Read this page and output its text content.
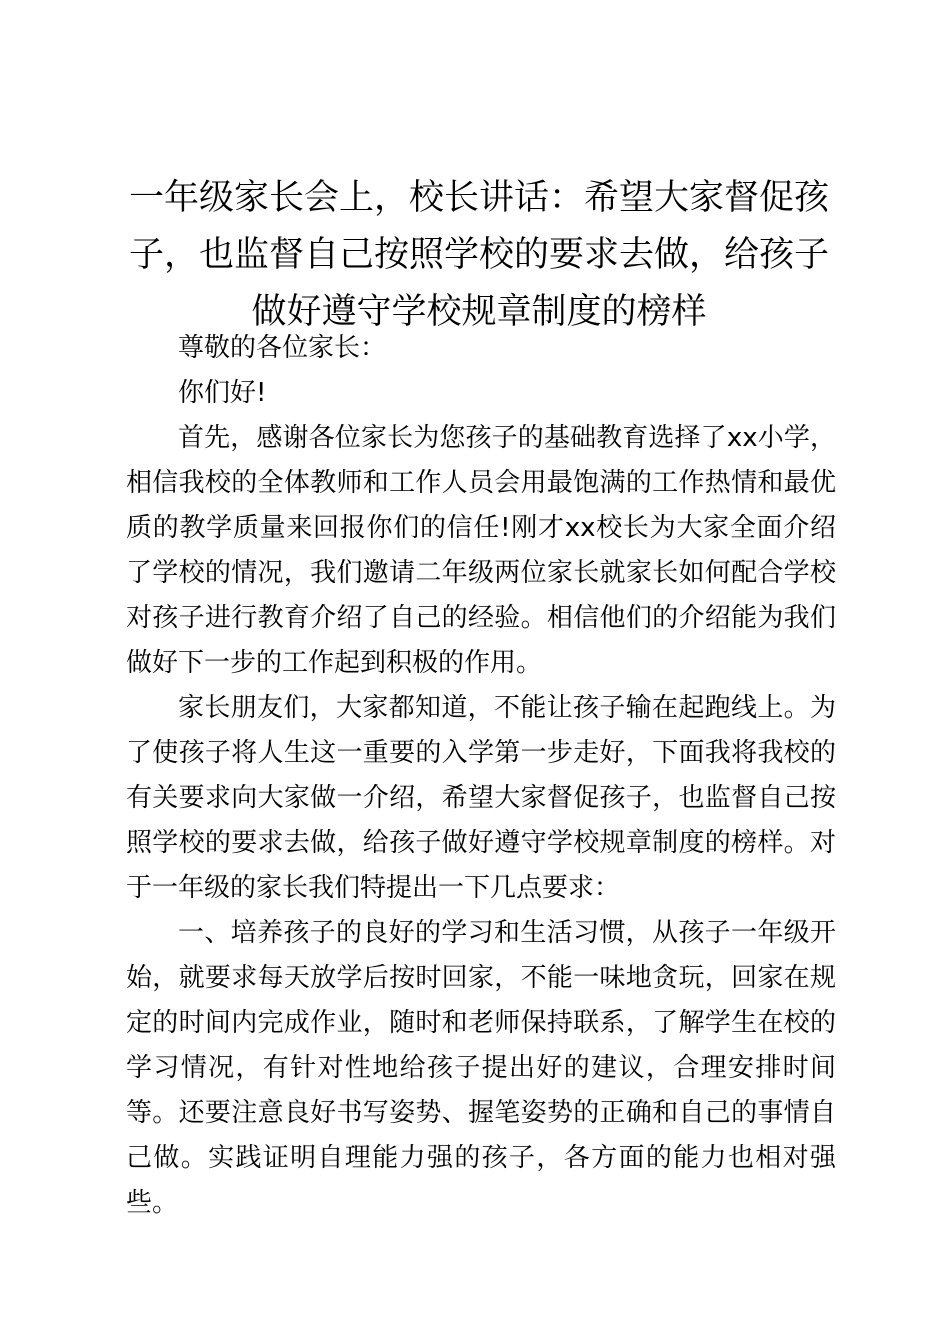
一年级家长会上，校长讲话：希望大家督促孩子，也监督自己按照学校的要求去做，给孩子做好遵守学校规章制度的榜样

尊敬的各位家长：

你们好!

首先，感谢各位家长为您孩子的基础教育选择了xx小学，相信我校的全体教师和工作人员会用最饱满的工作热情和最优质的教学质量来回报你们的信任!刚才xx校长为大家全面介绍了学校的情况，我们邀请二年级两位家长就家长如何配合学校对孩子进行教育介绍了自己的经验。相信他们的介绍能为我们做好下一步的工作起到积极的作用。

家长朋友们，大家都知道，不能让孩子输在起跑线上。为了使孩子将人生这一重要的入学第一步走好，下面我将我校的有关要求向大家做一介绍，希望大家督促孩子，也监督自己按照学校的要求去做，给孩子做好遵守学校规章制度的榜样。对于一年级的家长我们特提出一下几点要求：

一、培养孩子的良好的学习和生活习惯，从孩子一年级开始，就要求每天放学后按时回家，不能一味地贪玩，回家在规定的时间内完成作业，随时和老师保持联系，了解学生在校的学习情况，有针对性地给孩子提出好的建议，合理安排时间等。还要注意良好书写姿势、握笔姿势的正确和自己的事情自己做。实践证明自理能力强的孩子，各方面的能力也相对强些。
